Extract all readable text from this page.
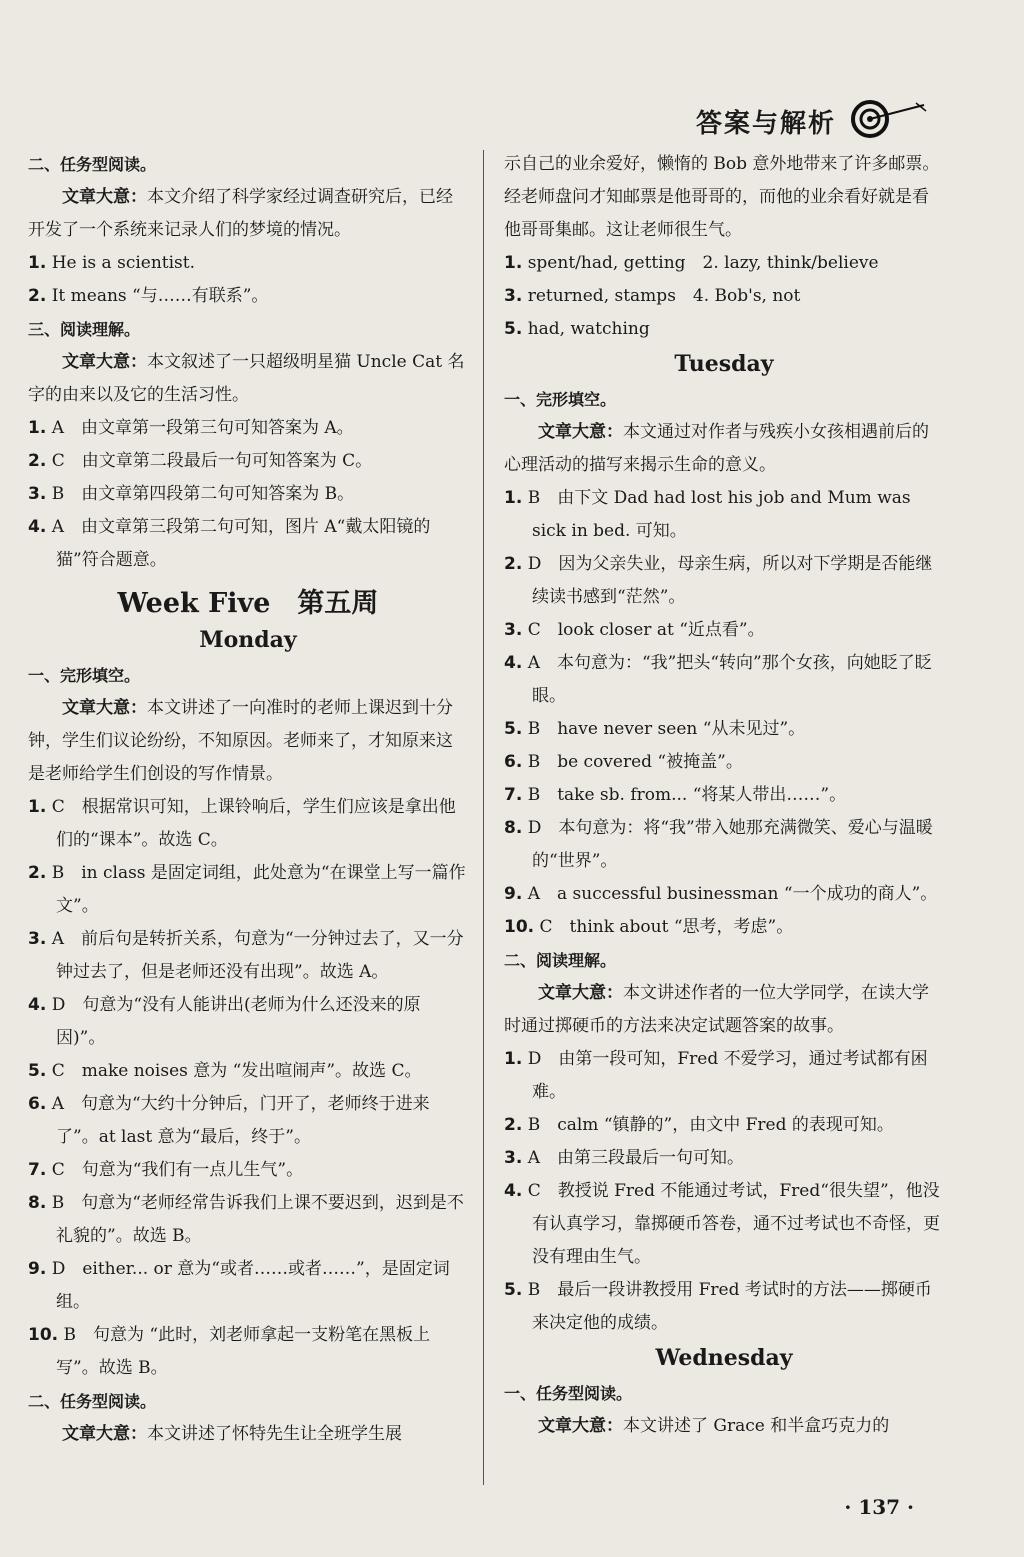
答案与解析
二、任务型阅读。
文章大意：本文介绍了科学家经过调查研究后，已经开发了一个系统来记录人们的梦境的情况。
1. He is a scientist.
2. It means “与……有联系”。
三、阅读理解。
文章大意：本文叙述了一只超级明星猫 Uncle Cat 名字的由来以及它的生活习性。
1. A　由文章第一段第三句可知答案为 A。
2. C　由文章第二段最后一句可知答案为 C。
3. B　由文章第四段第二句可知答案为 B。
4. A　由文章第三段第二句可知，图片 A“戴太阳镜的猫”符合题意。
Week Five　第五周
Monday
一、完形填空。
文章大意：本文讲述了一向准时的老师上课迟到十分钟，学生们议论纷纷，不知原因。老师来了，才知原来这是老师给学生们创设的写作情景。
1. C　根据常识可知，上课铃响后，学生们应该是拿出他们的“课本”。故选 C。
2. B　in class 是固定词组，此处意为“在课堂上写一篇作文”。
3. A　前后句是转折关系，句意为“一分钟过去了，又一分钟过去了，但是老师还没有出现”。故选 A。
4. D　句意为“没有人能讲出(老师为什么还没来的原因)”。
5. C　make noises 意为 “发出喧闹声”。故选 C。
6. A　句意为“大约十分钟后，门开了，老师终于进来了”。at last 意为“最后，终于”。
7. C　句意为“我们有一点儿生气”。
8. B　句意为“老师经常告诉我们上课不要迟到，迟到是不礼貌的”。故选 B。
9. D　either... or 意为“或者……或者……”，是固定词组。
10. B　句意为 “此时，刘老师拿起一支粉笔在黑板上写”。故选 B。
二、任务型阅读。
文章大意：本文讲述了怀特先生让全班学生展
示自己的业余爱好，懒惰的 Bob 意外地带来了许多邮票。经老师盘问才知邮票是他哥哥的，而他的业余看好就是看他哥哥集邮。这让老师很生气。
1. spent/had, getting　2. lazy, think/believe
3. returned, stamps　4. Bob's, not
5. had, watching
Tuesday
一、完形填空。
文章大意：本文通过对作者与残疾小女孩相遇前后的心理活动的描写来揭示生命的意义。
1. B　由下文 Dad had lost his job and Mum was sick in bed. 可知。
2. D　因为父亲失业，母亲生病，所以对下学期是否能继续读书感到“茫然”。
3. C　look closer at “近点看”。
4. A　本句意为：“我”把头“转向”那个女孩，向她眨了眨眼。
5. B　have never seen “从未见过”。
6. B　be covered “被掩盖”。
7. B　take sb. from... “将某人带出……”。
8. D　本句意为：将“我”带入她那充满微笑、爱心与温暖的“世界”。
9. A　a successful businessman “一个成功的商人”。
10. C　think about “思考，考虑”。
二、阅读理解。
文章大意：本文讲述作者的一位大学同学，在读大学时通过掷硬币的方法来决定试题答案的故事。
1. D　由第一段可知，Fred 不爱学习，通过考试都有困难。
2. B　calm “镇静的”，由文中 Fred 的表现可知。
3. A　由第三段最后一句可知。
4. C　教授说 Fred 不能通过考试，Fred“很失望”，他没有认真学习，靠掷硬币答卷，通不过考试也不奇怪，更没有理由生气。
5. B　最后一段讲教授用 Fred 考试时的方法——掷硬币来决定他的成绩。
Wednesday
一、任务型阅读。
文章大意：本文讲述了 Grace 和半盒巧克力的
· 137 ·
